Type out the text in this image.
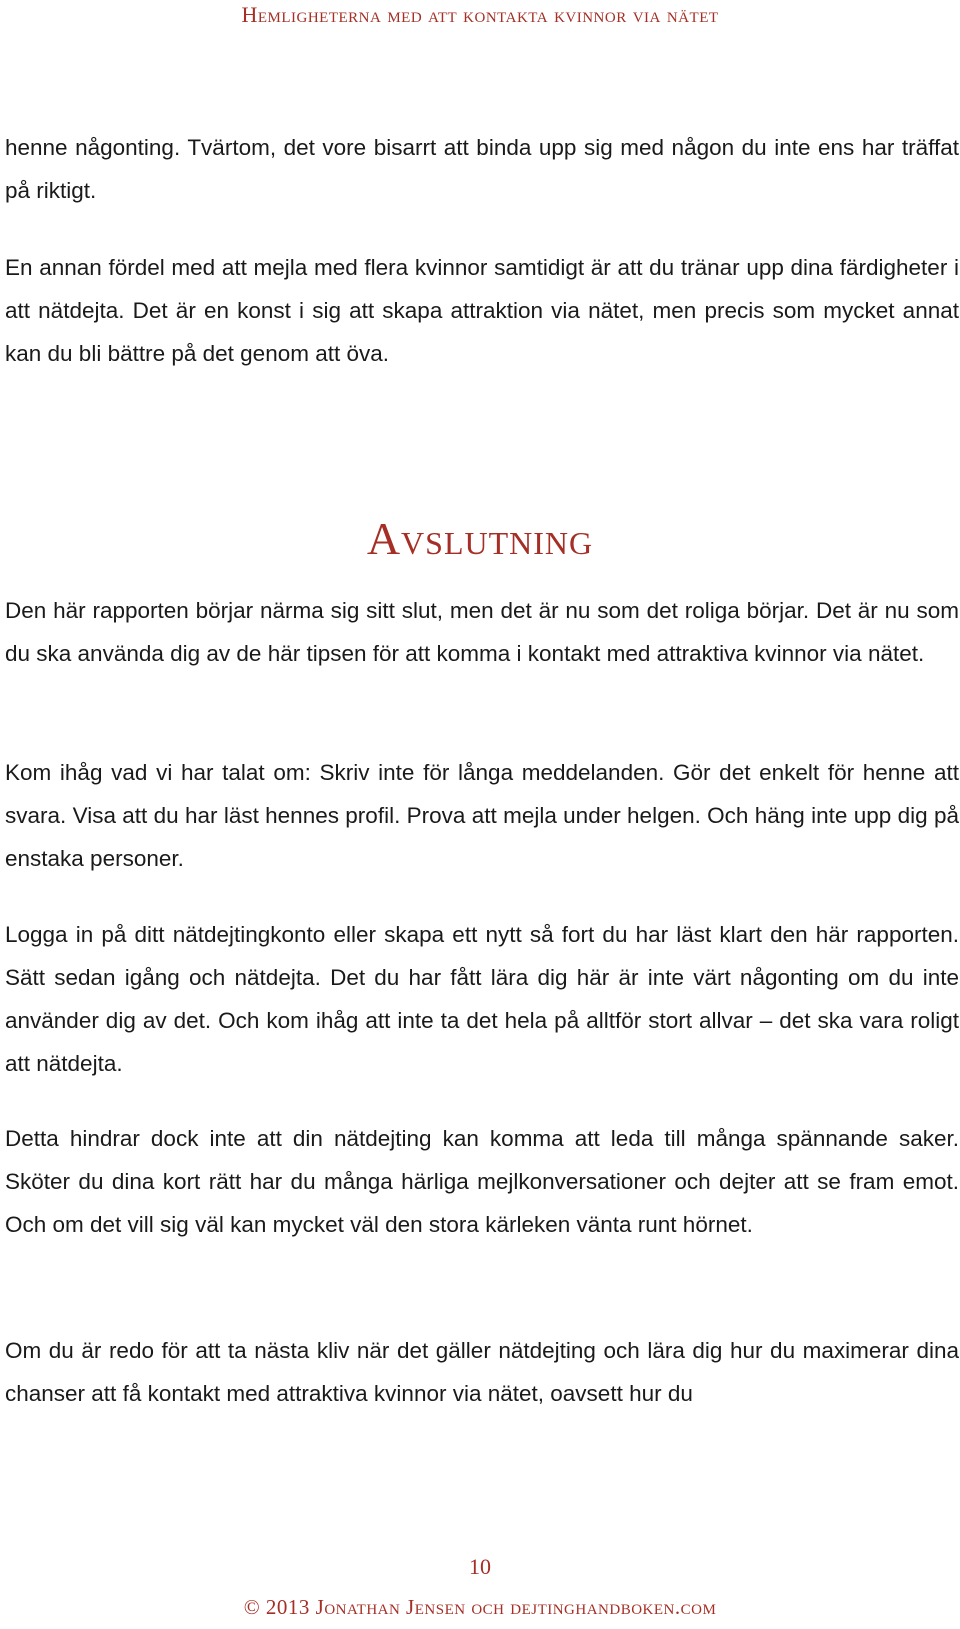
Hemligheterna med att kontakta kvinnor via nätet

henne någonting. Tvärtom, det vore bisarrt att binda upp sig med någon du inte ens har träffat på riktigt.

En annan fördel med att mejla med flera kvinnor samtidigt är att du tränar upp dina färdigheter i att nätdejta. Det är en konst i sig att skapa attraktion via nätet, men precis som mycket annat kan du bli bättre på det genom att öva.

Avslutning

Den här rapporten börjar närma sig sitt slut, men det är nu som det roliga börjar. Det är nu som du ska använda dig av de här tipsen för att komma i kontakt med attraktiva kvinnor via nätet.

Kom ihåg vad vi har talat om: Skriv inte för långa meddelanden. Gör det enkelt för henne att svara. Visa att du har läst hennes profil. Prova att mejla under helgen. Och häng inte upp dig på enstaka personer.

Logga in på ditt nätdejtingkonto eller skapa ett nytt så fort du har läst klart den här rapporten. Sätt sedan igång och nätdejta. Det du har fått lära dig här är inte värt någonting om du inte använder dig av det. Och kom ihåg att inte ta det hela på alltför stort allvar – det ska vara roligt att nätdejta.

Detta hindrar dock inte att din nätdejting kan komma att leda till många spännande saker. Sköter du dina kort rätt har du många härliga mejlkonversationer och dejter att se fram emot. Och om det vill sig väl kan mycket väl den stora kärleken vänta runt hörnet.

Om du är redo för att ta nästa kliv när det gäller nätdejting och lära dig hur du maximerar dina chanser att få kontakt med attraktiva kvinnor via nätet, oavsett hur du

10
© 2013 Jonathan Jensen och dejtinghandboken.com
